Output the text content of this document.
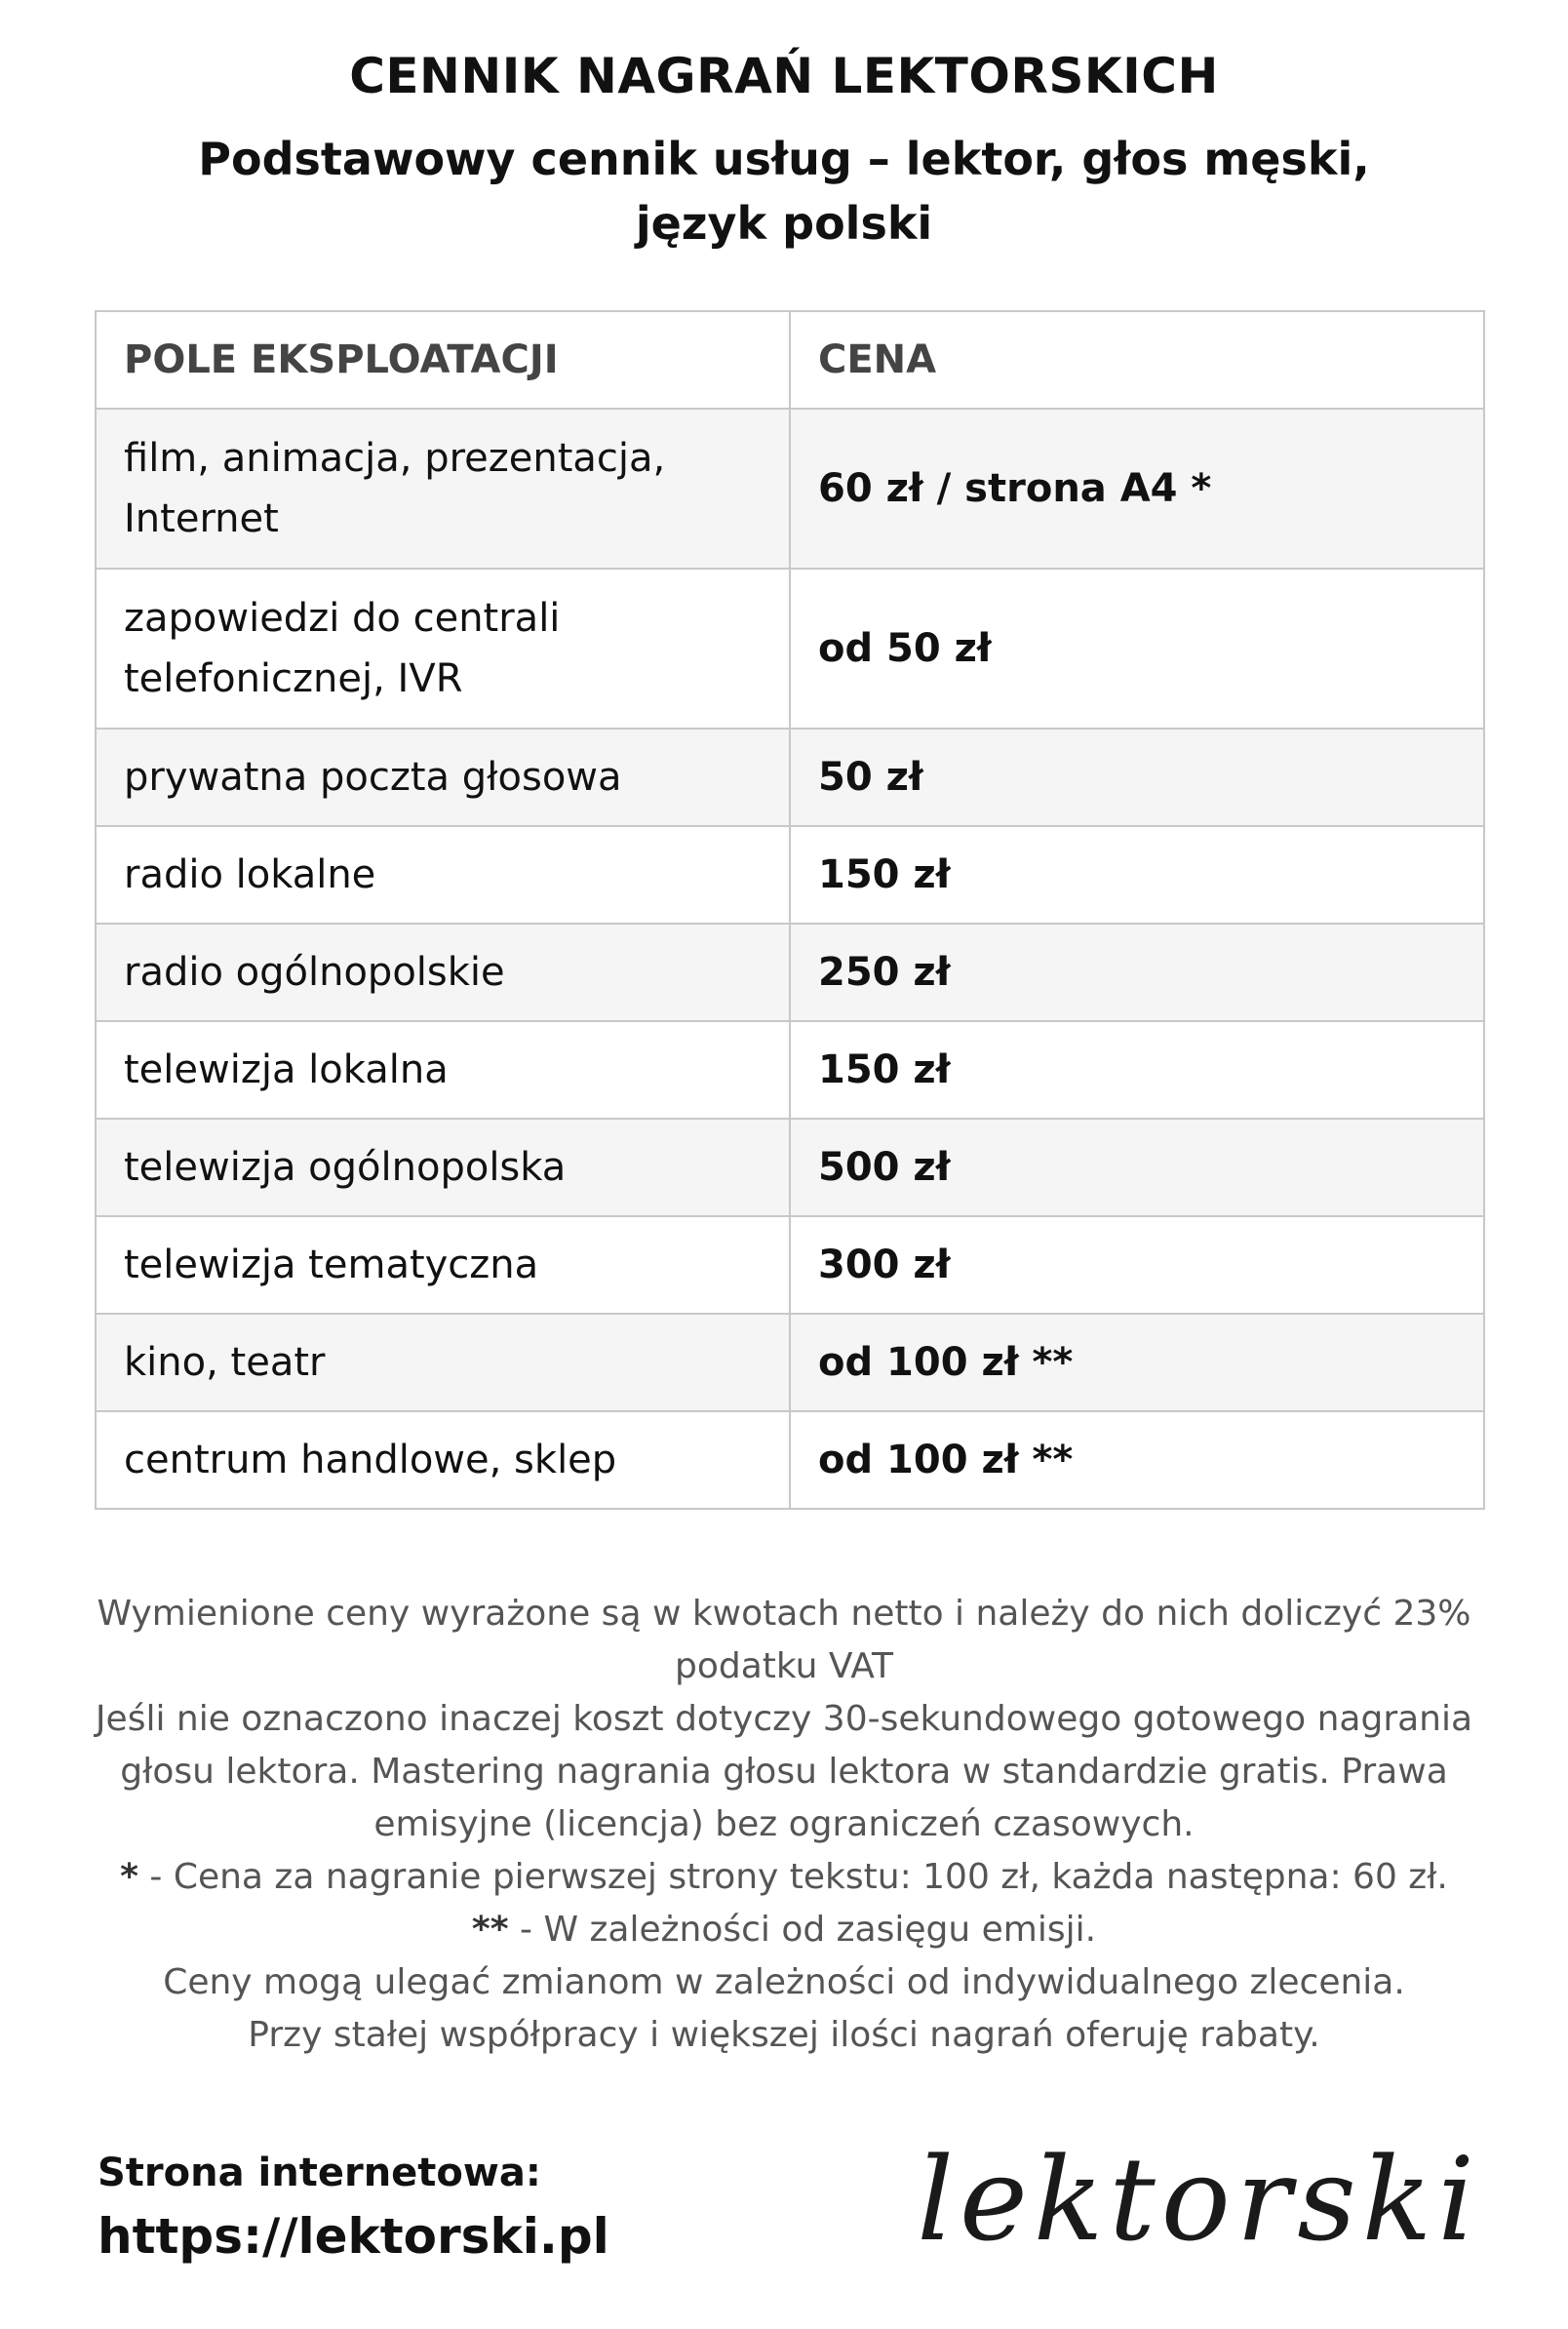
CENNIK NAGRAŃ LEKTORSKICH
Podstawowy cennik usług – lektor, głos męski, język polski
POLE EKSPLOATACJI	CENA
film, animacja, prezentacja, Internet	60 zł / strona A4 *
zapowiedzi do centrali telefonicznej, IVR	od 50 zł
prywatna poczta głosowa	50 zł
radio lokalne	150 zł
radio ogólnopolskie	250 zł
telewizja lokalna	150 zł
telewizja ogólnopolska	500 zł
telewizja tematyczna	300 zł
kino, teatr	od 100 zł **
centrum handlowe, sklep	od 100 zł **

Wymienione ceny wyrażone są w kwotach netto i należy do nich doliczyć 23% podatku VAT

Jeśli nie oznaczono inaczej koszt dotyczy 30-sekundowego gotowego nagrania głosu lektora. Mastering nagrania głosu lektora w standardzie gratis. Prawa emisyjne (licencja) bez ograniczeń czasowych.

* - Cena za nagranie pierwszej strony tekstu: 100 zł, każda następna: 60 zł.

** - W zależności od zasięgu emisji.

Ceny mogą ulegać zmianom w zależności od indywidualnego zlecenia.

Przy stałej współpracy i większej ilości nagrań oferuję rabaty.

Strona internetowa:
https://lektorski.pl	lektorski
